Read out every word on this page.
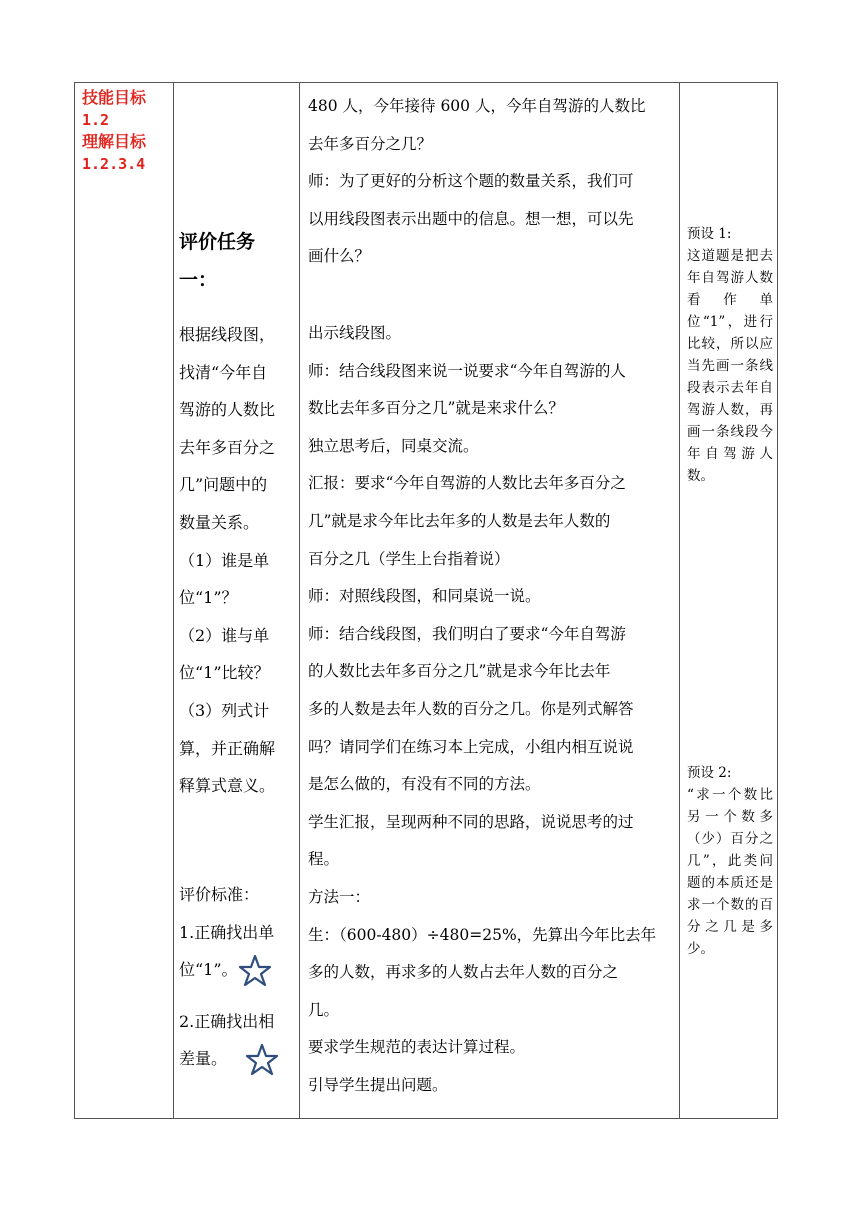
技能目标
1.2
理解目标
1.2.3.4
评价任务
一：
根据线段图，
找清“今年自
驾游的人数比
去年多百分之
几”问题中的
数量关系。
（1）谁是单
位“1”？
（2）谁与单
位“1”比较？
（3）列式计
算，并正确解
释算式意义。
评价标准：
1.正确找出单
位“1”。
2.正确找出相
差量。
480 人，今年接待 600 人，今年自驾游的人数比
去年多百分之几？
师：为了更好的分析这个题的数量关系，我们可
以用线段图表示出题中的信息。想一想，可以先
画什么？
出示线段图。
师：结合线段图来说一说要求“今年自驾游的人
数比去年多百分之几”就是来求什么？
独立思考后，同桌交流。
汇报：要求“今年自驾游的人数比去年多百分之
几”就是求今年比去年多的人数是去年人数的
百分之几（学生上台指着说）
师：对照线段图，和同桌说一说。
师：结合线段图，我们明白了要求“今年自驾游
的人数比去年多百分之几”就是求今年比去年
多的人数是去年人数的百分之几。你是列式解答
吗？请同学们在练习本上完成，小组内相互说说
是怎么做的，有没有不同的方法。
学生汇报，呈现两种不同的思路，说说思考的过
程。
方法一：
生：（600-480）÷480=25%，先算出今年比去年
多的人数，再求多的人数占去年人数的百分之
几。
要求学生规范的表达计算过程。
引导学生提出问题。
预设 1:
这道题是把去年自驾游人数看作单位“1”，进行比较，所以应当先画一条线段表示去年自驾游人数，再画一条线段今年自驾游人数。
预设 2:
“求一个数比另一个数多（少）百分之几”，此类问题的本质还是求一个数的百分之几是多少。
